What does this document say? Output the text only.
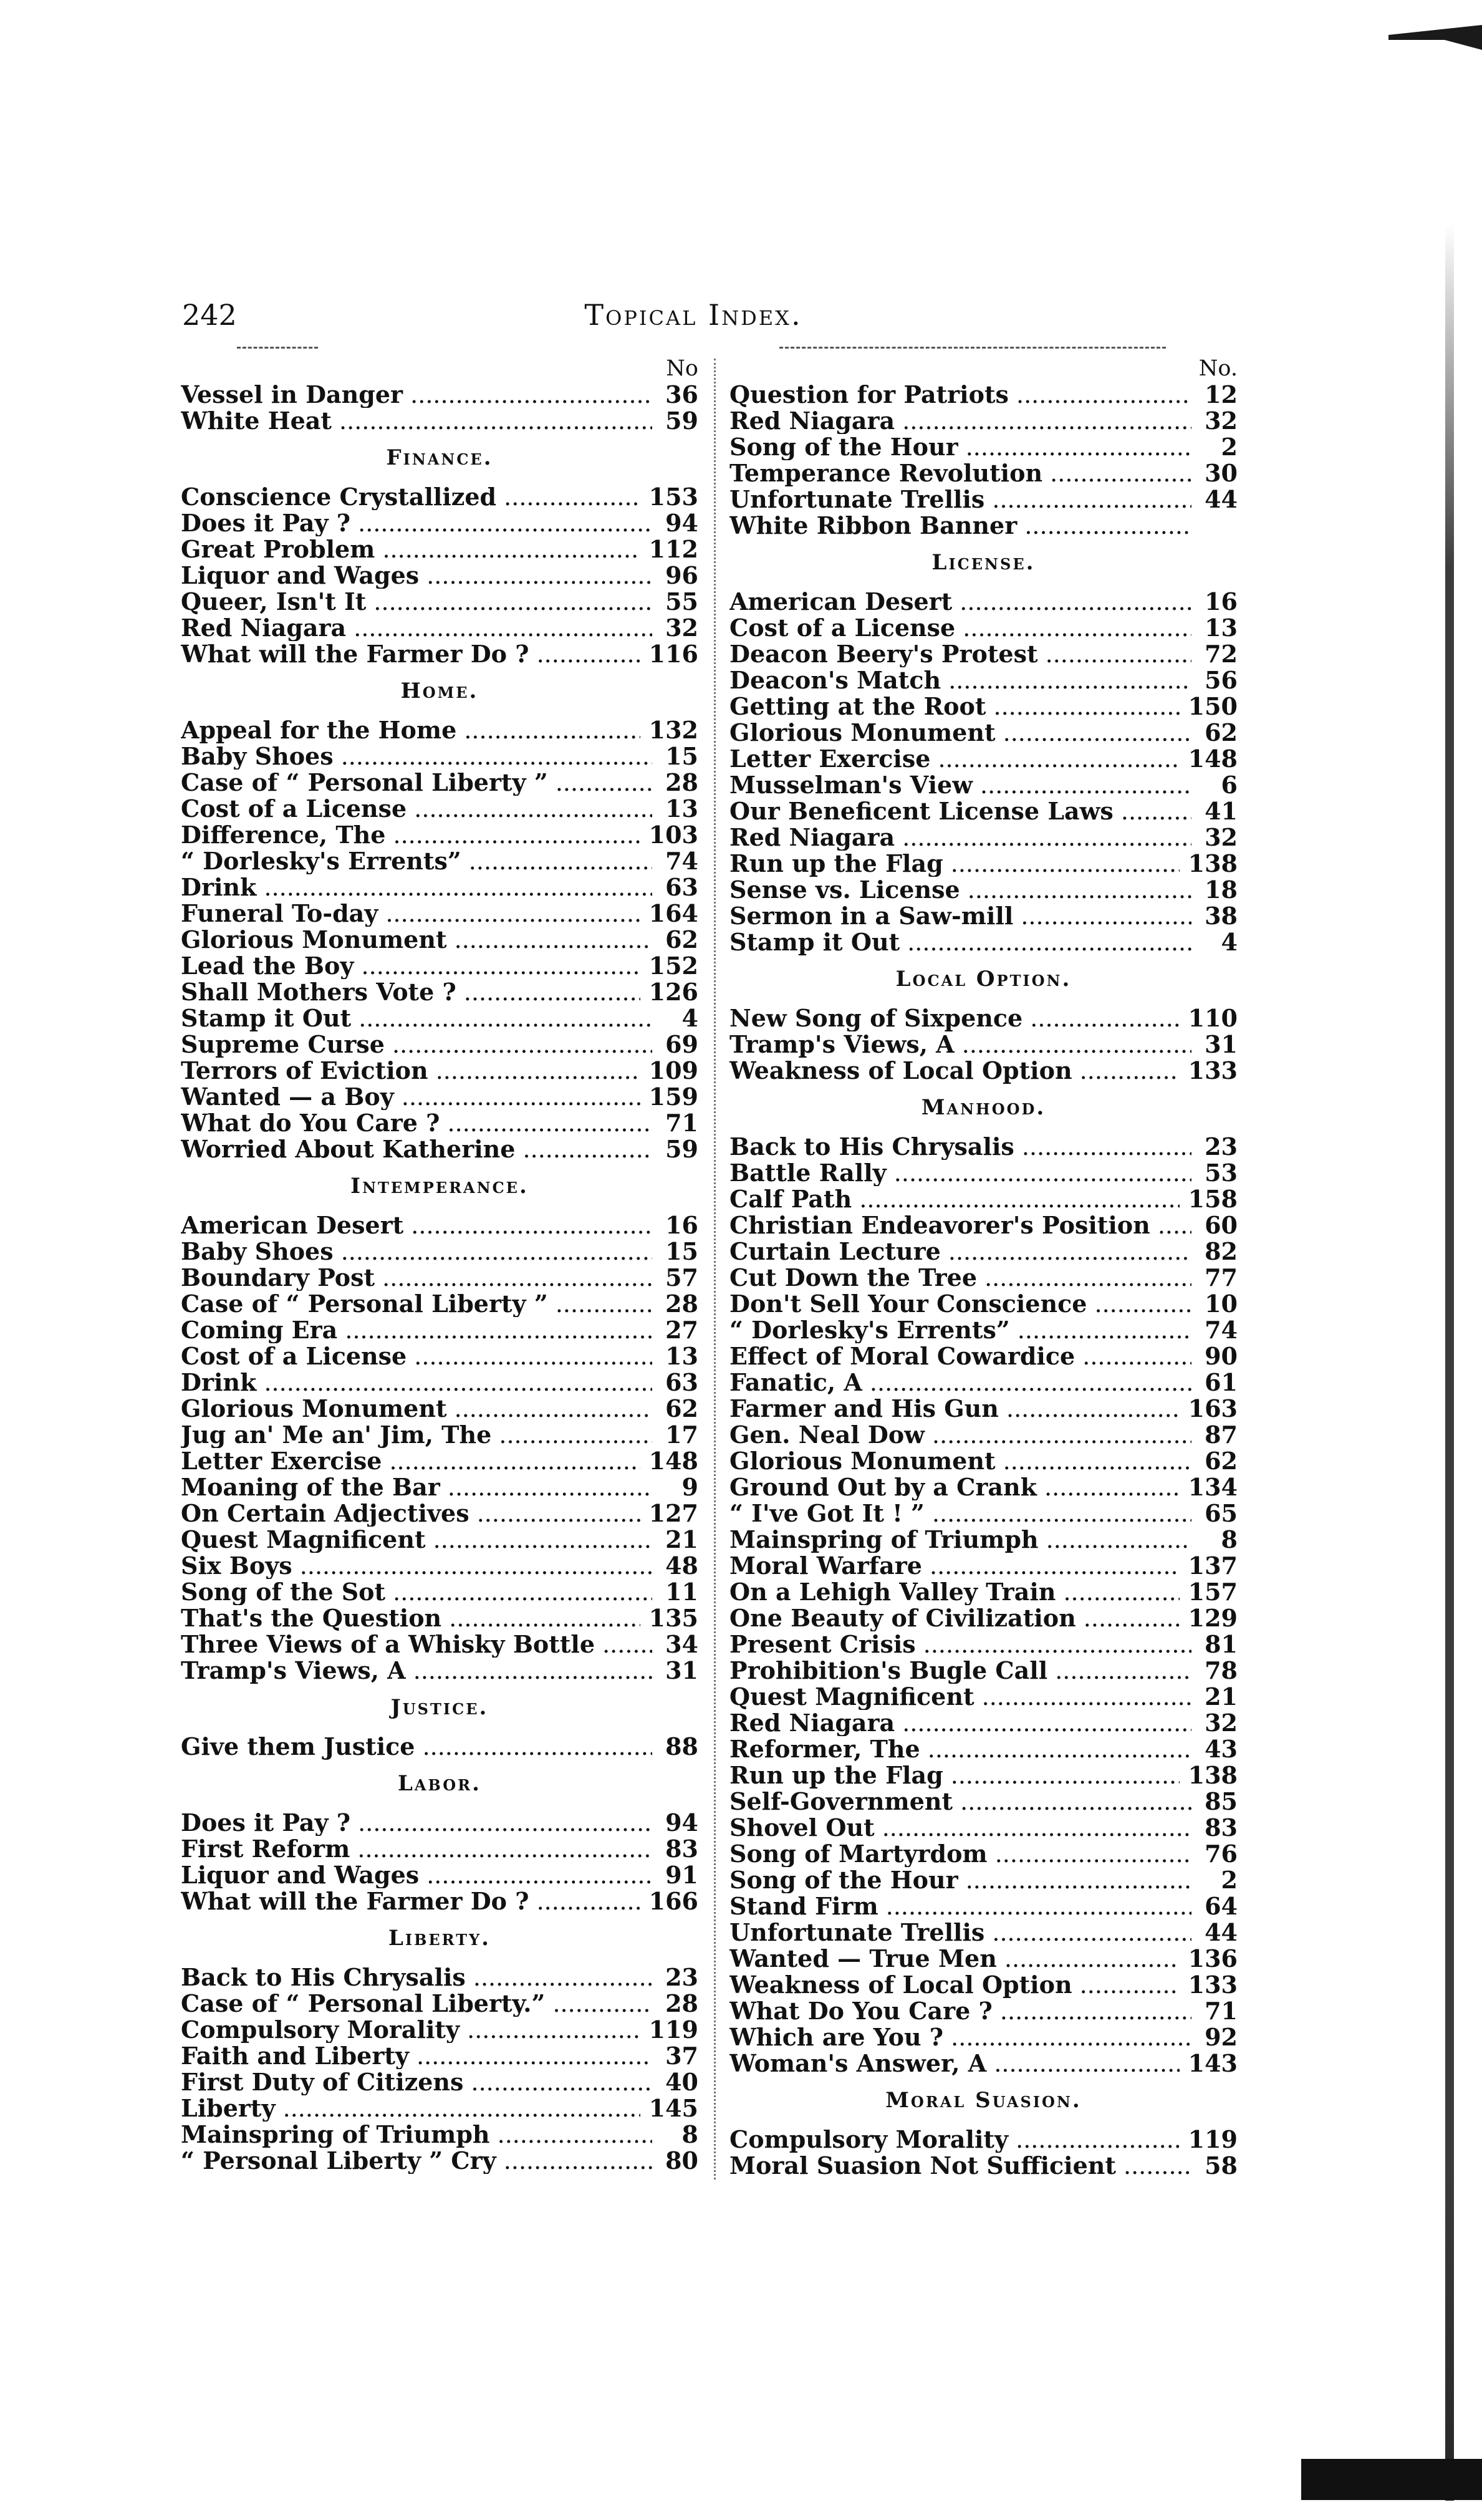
242	Topical Index.
No
Vessel in Danger .....	36
White Heat .....	59
Finance.
Conscience Crystallized .....	153
Does it Pay ? .....	94
Great Problem .....	112
Liquor and Wages .....	96
Queer, Isn't It .....	55
Red Niagara .....	32
What will the Farmer Do ? .....	116
Home.
Appeal for the Home .....	132
Baby Shoes .....	15
Case of “ Personal Liberty ” .....	28
Cost of a License .....	13
Difference, The .....	103
“ Dorlesky's Errents” .....	74
Drink .....	63
Funeral To-day .....	164
Glorious Monument .....	62
Lead the Boy .....	152
Shall Mothers Vote ? .....	126
Stamp it Out .....	4
Supreme Curse .....	69
Terrors of Eviction .....	109
Wanted — a Boy .....	159
What do You Care ? .....	71
Worried About Katherine .....	59
Intemperance.
American Desert .....	16
Baby Shoes .....	15
Boundary Post .....	57
Case of “ Personal Liberty ” .....	28
Coming Era .....	27
Cost of a License .....	13
Drink .....	63
Glorious Monument .....	62
Jug an' Me an' Jim, The .....	17
Letter Exercise .....	148
Moaning of the Bar .....	9
On Certain Adjectives .....	127
Quest Magnificent .....	21
Six Boys .....	48
Song of the Sot .....	11
That's the Question .....	135
Three Views of a Whisky Bottle .....	34
Tramp's Views, A .....	31
Justice.
Give them Justice .....	88
Labor.
Does it Pay ? .....	94
First Reform .....	83
Liquor and Wages .....	91
What will the Farmer Do ? .....	166
Liberty.
Back to His Chrysalis .....	23
Case of “ Personal Liberty.” .....	28
Compulsory Morality .....	119
Faith and Liberty .....	37
First Duty of Citizens .....	40
Liberty .....	145
Mainspring of Triumph .....	8
“ Personal Liberty ” Cry .....	80
No.
Question for Patriots .....	12
Red Niagara .....	32
Song of the Hour .....	2
Temperance Revolution .....	30
Unfortunate Trellis .....	44
White Ribbon Banner .....
License.
American Desert .....	16
Cost of a License .....	13
Deacon Beery's Protest .....	72
Deacon's Match .....	56
Getting at the Root .....	150
Glorious Monument .....	62
Letter Exercise .....	148
Musselman's View .....	6
Our Beneficent License Laws .....	41
Red Niagara .....	32
Run up the Flag .....	138
Sense vs. License .....	18
Sermon in a Saw-mill .....	38
Stamp it Out .....	4
Local Option.
New Song of Sixpence .....	110
Tramp's Views, A .....	31
Weakness of Local Option .....	133
Manhood.
Back to His Chrysalis .....	23
Battle Rally .....	53
Calf Path .....	158
Christian Endeavorer's Position .....	60
Curtain Lecture .....	82
Cut Down the Tree .....	77
Don't Sell Your Conscience .....	10
“ Dorlesky's Errents” .....	74
Effect of Moral Cowardice .....	90
Fanatic, A .....	61
Farmer and His Gun .....	163
Gen. Neal Dow .....	87
Glorious Monument .....	62
Ground Out by a Crank .....	134
“ I've Got It ! ” .....	65
Mainspring of Triumph .....	8
Moral Warfare .....	137
On a Lehigh Valley Train .....	157
One Beauty of Civilization .....	129
Present Crisis .....	81
Prohibition's Bugle Call .....	78
Quest Magnificent .....	21
Red Niagara .....	32
Reformer, The .....	43
Run up the Flag .....	138
Self-Government .....	85
Shovel Out .....	83
Song of Martyrdom .....	76
Song of the Hour .....	2
Stand Firm .....	64
Unfortunate Trellis .....	44
Wanted — True Men .....	136
Weakness of Local Option .....	133
What Do You Care ? .....	71
Which are You ? .....	92
Woman's Answer, A .....	143
Moral Suasion.
Compulsory Morality .....	119
Moral Suasion Not Sufficient .....	58
